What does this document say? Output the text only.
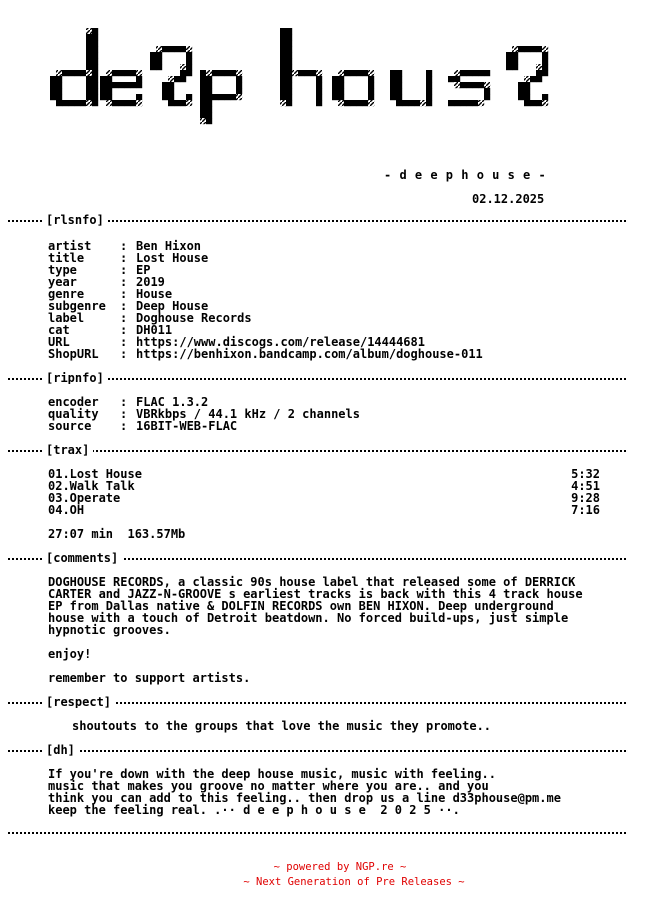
- d e e p h o u s e -
02.12.2025
[rlsnfo]
artist : Ben Hixon
title	: Lost House
type	: EP
year	: 2019
genre	: House
subgenre : Deep House
label	: Doghouse Records
cat	: DH011
URL	: https://www.discogs.com/release/14444681
ShopURL : https://benhixon.bandcamp.com/album/doghouse-011
[ripnfo]
encoder : FLAC 1.3.2
quality : VBRkbps / 44.1 kHz / 2 channels
source : 16BIT-WEB-FLAC
[trax]
01.Lost House	5:32
02.Walk Talk	4:51
03.Operate	9:28
04.OH	7:16
27:07 min  163.57Mb
[comments]
DOGHOUSE RECORDS, a classic 90s house label that released some of DERRICK
CARTER and JAZZ-N-GROOVE s earliest tracks is back with this 4 track house
EP from Dallas native & DOLFIN RECORDS own BEN HIXON. Deep underground
house with a touch of Detroit beatdown. No forced build-ups, just simple
hypnotic grooves.
enjoy!
remember to support artists.
[respect]
shoutouts to the groups that love the music they promote..
[dh]
If you're down with the deep house music, music with feeling..
music that makes you groove no matter where you are.. and you
think you can add to this feeling.. then drop us a line d33phouse@pm.me
keep the feeling real. .·· d e e p h o u s e  2 0 2 5 ··.
~ powered by NGP.re ~
~ Next Generation of Pre Releases ~
